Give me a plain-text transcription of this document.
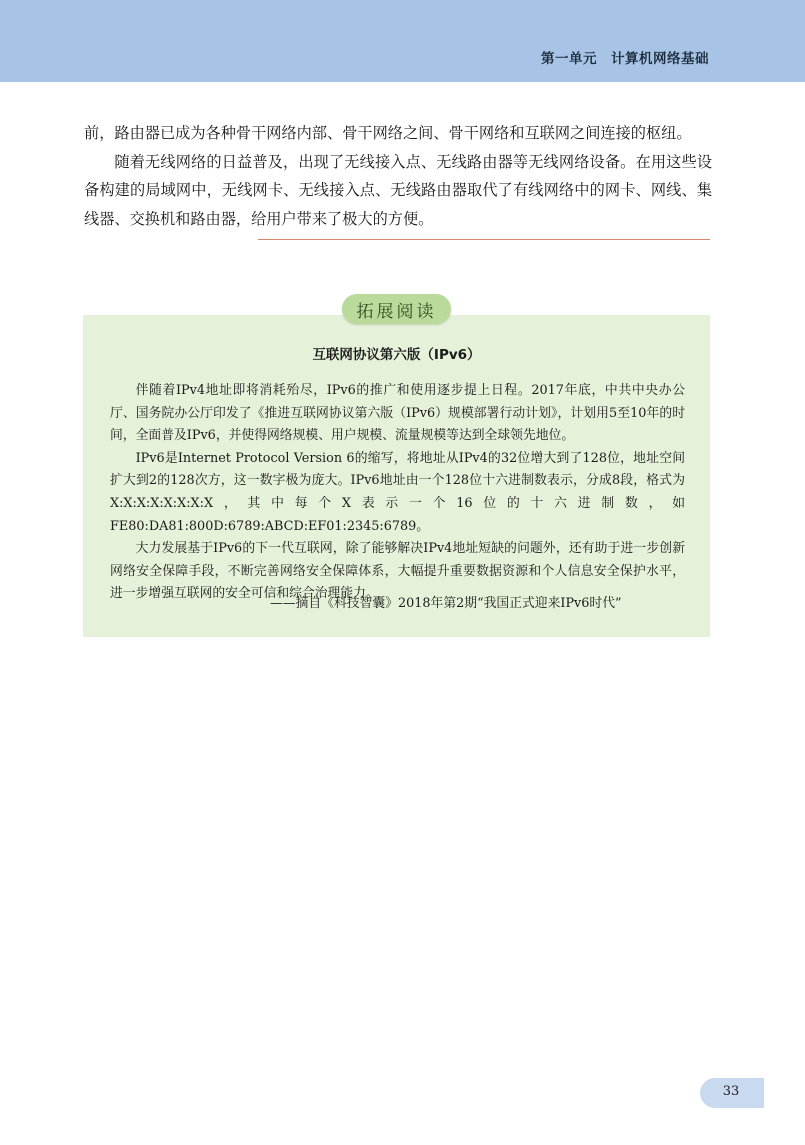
第一单元　计算机网络基础

前，路由器已成为各种骨干网络内部、骨干网络之间、骨干网络和互联网之间连接的枢纽。

随着无线网络的日益普及，出现了无线接入点、无线路由器等无线网络设备。在用这些设备构建的局域网中，无线网卡、无线接入点、无线路由器取代了有线网络中的网卡、网线、集线器、交换机和路由器，给用户带来了极大的方便。

拓展阅读
互联网协议第六版（IPv6）

伴随着IPv4地址即将消耗殆尽，IPv6的推广和使用逐步提上日程。2017年底，中共中央办公厅、国务院办公厅印发了《推进互联网协议第六版（IPv6）规模部署行动计划》，计划用5至10年的时间，全面普及IPv6，并使得网络规模、用户规模、流量规模等达到全球领先地位。

IPv6是Internet Protocol Version 6的缩写，将地址从IPv4的32位增大到了128位，地址空间扩大到2的128次方，这一数字极为庞大。IPv6地址由一个128位十六进制数表示，分成8段，格式为X:X:X:X:X:X:X:X，其中每个X表示一个16位的十六进制数，如FE80:DA81:800D:6789:ABCD:EF01:2345:6789。

大力发展基于IPv6的下一代互联网，除了能够解决IPv4地址短缺的问题外，还有助于进一步创新网络安全保障手段，不断完善网络安全保障体系，大幅提升重要数据资源和个人信息安全保护水平，进一步增强互联网的安全可信和综合治理能力。

——摘自《科技智囊》2018年第2期“我国正式迎来IPv6时代”
33
